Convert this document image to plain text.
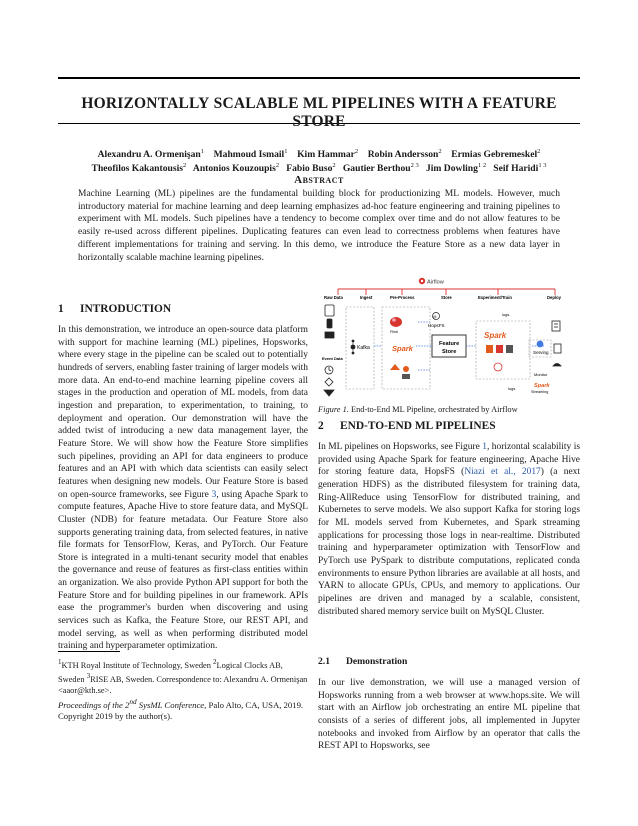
HORIZONTALLY SCALABLE ML PIPELINES WITH A FEATURE STORE
Alexandru A. Ormenişan$^1$ Mahmoud Ismail$^1$ Kim Hammar$^2$ Robin Andersson$^2$ Ermias Gebremeskel$^2$
Theofilos Kakantousis$^2$ Antonios Kouzoupis$^2$ Fabio Buso$^2$ Gautier Berthou$^{2 3}$ Jim Dowling$^{1 2}$ Seif Haridi$^{1 3}$
Abstract
Machine Learning (ML) pipelines are the fundamental building block for productionizing ML models. However, much introductory material for machine learning and deep learning emphasizes ad-hoc feature engineering and training pipelines to experiment with ML models. Such pipelines have a tendency to become complex over time and do not allow features to be easily re-used across different pipelines. Duplicating features can even lead to correctness problems when features have different implementations for training and serving. In this demo, we introduce the Feature Store as a new data layer in horizontally scalable machine learning pipelines.
1 INTRODUCTION
In this demonstration, we introduce an open-source data platform with support for machine learning (ML) pipelines, Hopsworks, where every stage in the pipeline can be scaled out to potentially hundreds of servers, enabling faster training of larger models with more data. An end-to-end machine learning pipeline covers all stages in the production and operation of ML models, from data ingestion and preparation, to experimentation, to training, to deployment and operation. Our demonstration will have the added twist of introducing a new data management layer, the Feature Store. We will show how the Feature Store simplifies such pipelines, providing an API for data engineers to produce features and an API with which data scientists can easily select features when designing new models. Our Feature Store is based on open-source frameworks, see Figure 3, using Apache Spark to compute features, Apache Hive to store feature data, and MySQL Cluster (NDB) for feature metadata. Our Feature Store also supports generating training data, from selected features, in native file formats for TensorFlow, Keras, and PyTorch. Our Feature Store is integrated in a multi-tenant security model that enables the governance and reuse of features as first-class entities within an organization. We also provide Python API support for both the Feature Store and for building pipelines in our framework. APIs ease the programmer's burden when discovering and using services such as Kafka, the Feature Store, our REST API, and model serving, as well as when performing distributed model training and hyperparameter optimization.
$^1$KTH Royal Institute of Technology, Sweden $^2$Logical Clocks AB, Sweden $^3$RISE AB, Sweden. Correspondence to: Alexandru A. Ormenişan <aaor@kth.se>.
Proceedings of the 2nd SysML Conference, Palo Alto, CA, USA, 2019. Copyright 2019 by the author(s).
Airflow
Raw Data	Ingest	Pre-Process	Store	Experiment/Train	Deploy
Event Data
Kafka
Flink
Spark
@
HopsFS
Feature
Store
logs
Spark
Serving
Monitor
Spark
Streaming
logs
Figure 1. End-to-End ML Pipeline, orchestrated by Airflow
2 END-TO-END ML PIPELINES
In ML pipelines on Hopsworks, see Figure 1, horizontal scalability is provided using Apache Spark for feature engineering, Apache Hive for storing feature data, HopsFS (Niazi et al., 2017) (a next generation HDFS) as the distributed filesystem for training data, Ring-AllReduce using TensorFlow for distributed training, and Kubernetes to serve models. We also support Kafka for storing logs for ML models served from Kubernetes, and Spark streaming applications for processing those logs in near-realtime. Distributed training and hyperparameter optimization with TensorFlow and PyTorch use PySpark to distribute computations, replicated conda environments to ensure Python libraries are available at all hosts, and YARN to allocate GPUs, CPUs, and memory to applications. Our pipelines are driven and managed by a scalable, consistent, distributed shared memory service built on MySQL Cluster.
2.1 Demonstration
In our live demonstration, we will use a managed version of Hopsworks running from a web browser at www.hops.site. We will start with an Airflow job orchestrating an entire ML pipeline that consists of a series of different jobs, all implemented in Jupyter notebooks and invoked from Airflow by an operator that calls the REST API to Hopsworks, see
